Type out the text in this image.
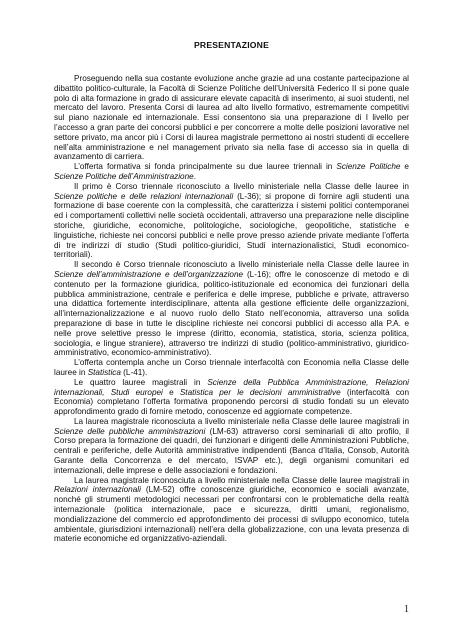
PRESENTAZIONE

Proseguendo nella sua costante evoluzione anche grazie ad una costante partecipazione al dibattito politico-culturale, la Facoltà di Scienze Politiche dell’Università Federico II si pone quale polo di alta formazione in grado di assicurare elevate capacità di inserimento, ai suoi studenti, nel mercato del lavoro. Presenta Corsi di laurea ad alto livello formativo, estremamente competitivi sul piano nazionale ed internazionale. Essi consentono sia una preparazione di I livello per l’accesso a gran parte dei concorsi pubblici e per concorrere a molte delle posizioni lavorative nel settore privato, ma ancor più i Corsi di laurea magistrale permettono ai nostri studenti di eccellere nell’alta amministrazione e nel management privato sia nella fase di accesso sia in quella di avanzamento di carriera.

L’offerta formativa si fonda principalmente su due lauree triennali in Scienze Politiche e Scienze Politiche dell’Amministrazione.

Il primo è Corso triennale riconosciuto a livello ministeriale nella Classe delle lauree in Scienze politiche e delle relazioni internazionali (L-36); si propone di fornire agli studenti una formazione di base coerente con la complessità, che caratterizza i sistemi politici contemporanei ed i comportamenti collettivi nelle società occidentali, attraverso una preparazione nelle discipline storiche, giuridiche, economiche, politologiche, sociologiche, geopolitiche, statistiche e linguistiche, richieste nei concorsi pubblici e nelle prove presso aziende private mediante l’offerta di tre indirizzi di studio (Studi politico-giuridici, Studi internazionalistici, Studi economico-territoriali).

Il secondo è Corso triennale riconosciuto a livello ministeriale nella Classe delle lauree in Scienze dell’amministrazione e dell’organizzazione (L-16); offre le conoscenze di metodo e di contenuto per la formazione giuridica, politico-istituzionale ed economica dei funzionari della pubblica amministrazione, centrale e periferica e delle imprese, pubbliche e private, attraverso una didattica fortemente interdisciplinare, attenta alla gestione efficiente delle organizzazioni, all’internazionalizzazione e al nuovo ruolo dello Stato nell’economia, attraverso una solida preparazione di base in tutte le discipline richieste nei concorsi pubblici di accesso alla P.A. e nelle prove selettive presso le imprese (diritto, economia, statistica, storia, scienza politica, sociologia, e lingue straniere), attraverso tre indirizzi di studio (politico-amministrativo, giuridico-amministrativo, economico-amministrativo).

L’offerta contempla anche un Corso triennale interfacoltà con Economia nella Classe delle lauree in Statistica (L-41).

Le quattro lauree magistrali in Scienze della Pubblica Amministrazione, Relazioni internazionali, Studi europei e Statistica per le decisioni amministrative (interfacoltà con Economia) completano l’offerta formativa proponendo percorsi di studio fondati su un elevato approfondimento grado di fornire metodo, conoscenze ed aggiornate competenze.

La laurea magistrale riconosciuta a livello ministeriale nella Classe delle lauree magistrali in Scienze delle pubbliche amministrazioni (LM-63) attraverso corsi seminariali di alto profilo, il Corso prepara la formazione dei quadri, dei funzionari e dirigenti delle Amministrazioni Pubbliche, centrali e periferiche, delle Autorità amministrative indipendenti (Banca d’Italia, Consob, Autorità Garante della Concorrenza e del mercato, ISVAP etc.), degli organismi comunitari ed internazionali, delle imprese e delle associazioni e fondazioni.

La laurea magistrale riconosciuta a livello ministeriale nella Classe delle lauree magistrali in Relazioni internazionali (LM-52) offre conoscenze giuridiche, economico e sociali avanzate, nonché gli strumenti metodologici necessari per confrontarsi con le problematiche della realtà internazionale (politica internazionale, pace e sicurezza, diritti umani, regionalismo, mondializzazione del commercio ed approfondimento dei processi di sviluppo economico, tutela ambientale, giurisdizioni internazionali) nell’era della globalizzazione, con una levata presenza di materie economiche ed organizzativo-aziendali.

1
